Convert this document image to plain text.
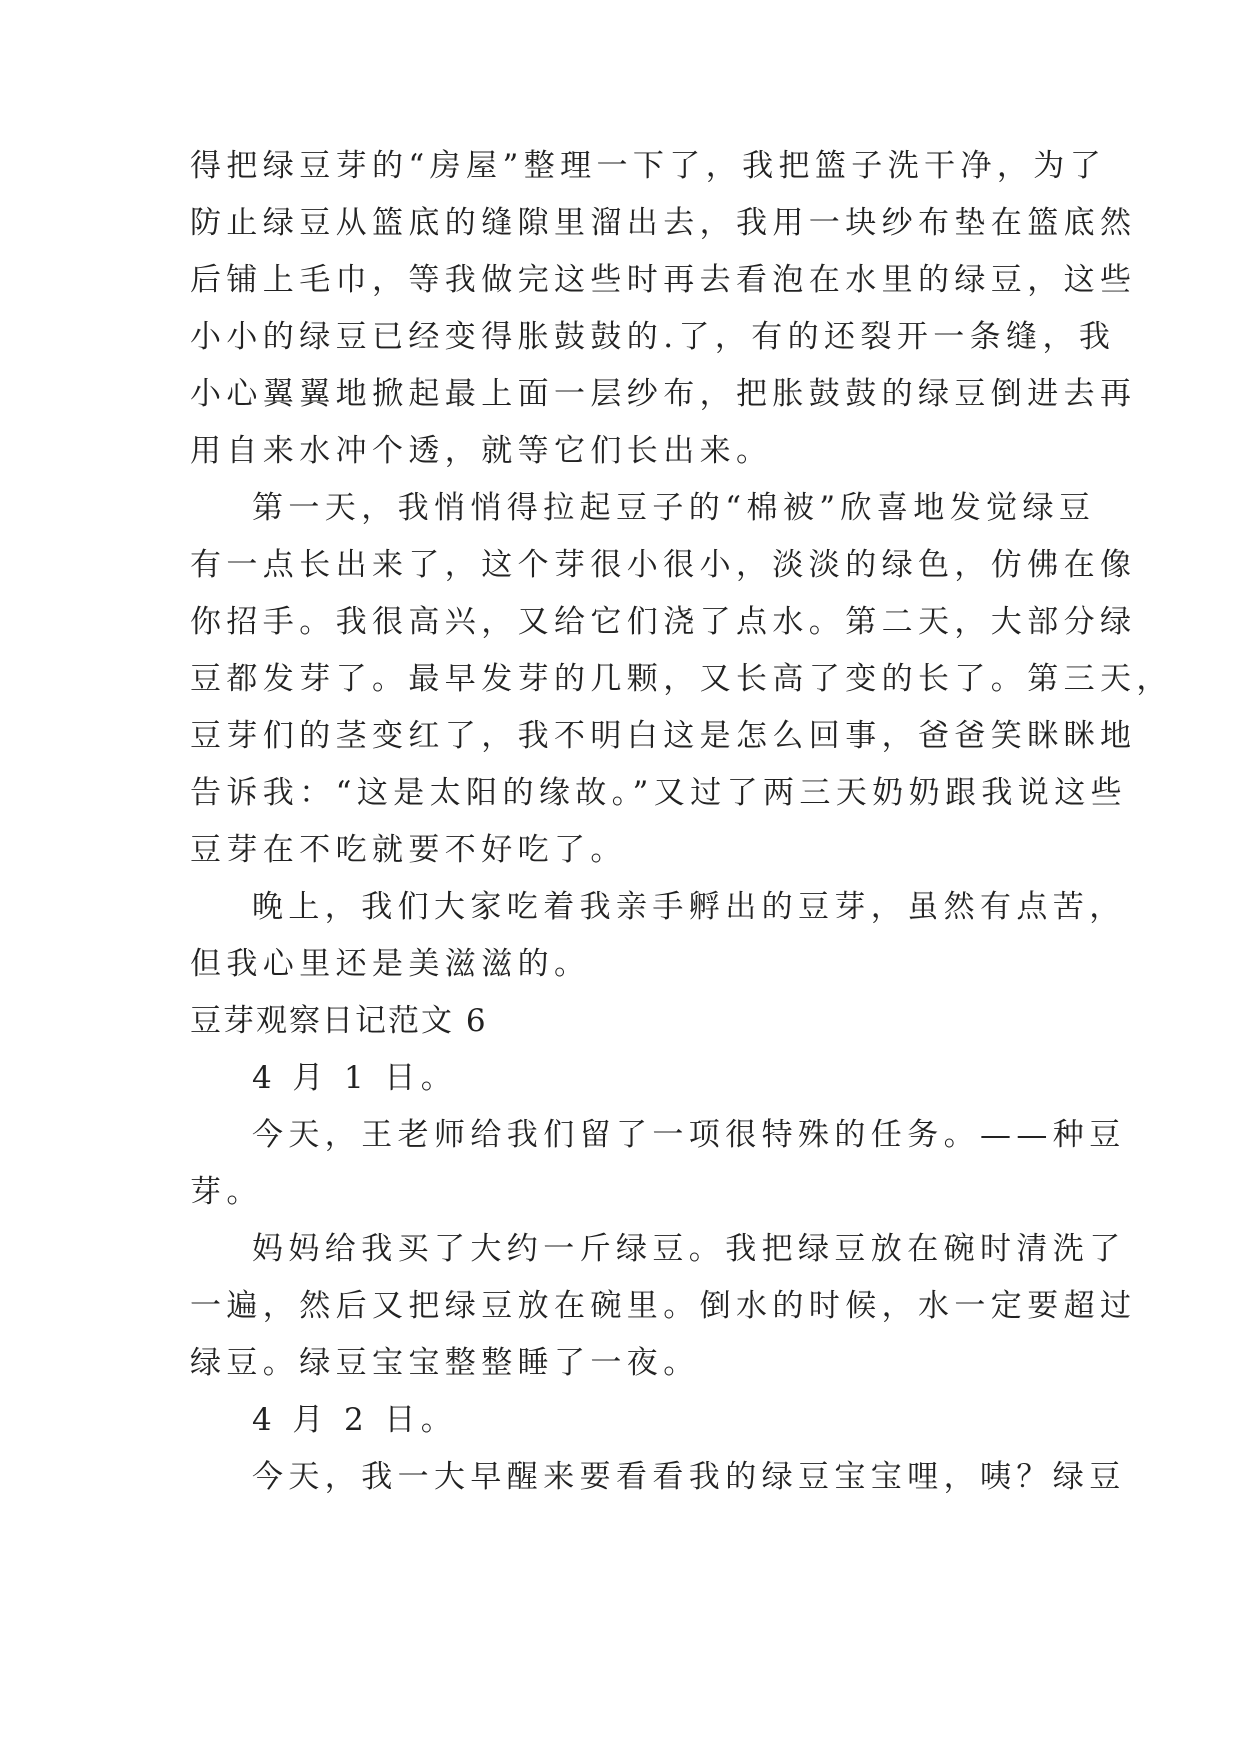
得把绿豆芽的“房屋”整理一下了，我把篮子洗干净，为了
防止绿豆从篮底的缝隙里溜出去，我用一块纱布垫在篮底然
后铺上毛巾，等我做完这些时再去看泡在水里的绿豆，这些
小小的绿豆已经变得胀鼓鼓的.了，有的还裂开一条缝，我
小心翼翼地掀起最上面一层纱布，把胀鼓鼓的绿豆倒进去再
用自来水冲个透，就等它们长出来。
第一天，我悄悄得拉起豆子的“棉被”欣喜地发觉绿豆
有一点长出来了，这个芽很小很小，淡淡的绿色，仿佛在像
你招手。我很高兴，又给它们浇了点水。第二天，大部分绿
豆都发芽了。最早发芽的几颗，又长高了变的长了。第三天，
豆芽们的茎变红了，我不明白这是怎么回事，爸爸笑眯眯地
告诉我：“这是太阳的缘故。”又过了两三天奶奶跟我说这些
豆芽在不吃就要不好吃了。
晚上，我们大家吃着我亲手孵出的豆芽，虽然有点苦，
但我心里还是美滋滋的。
豆芽观察日记范文 6
4 月 1 日。
今天，王老师给我们留了一项很特殊的任务。——种豆
芽。
妈妈给我买了大约一斤绿豆。我把绿豆放在碗时清洗了
一遍，然后又把绿豆放在碗里。倒水的时候，水一定要超过
绿豆。绿豆宝宝整整睡了一夜。
4 月 2 日。
今天，我一大早醒来要看看我的绿豆宝宝哩，咦？绿豆
